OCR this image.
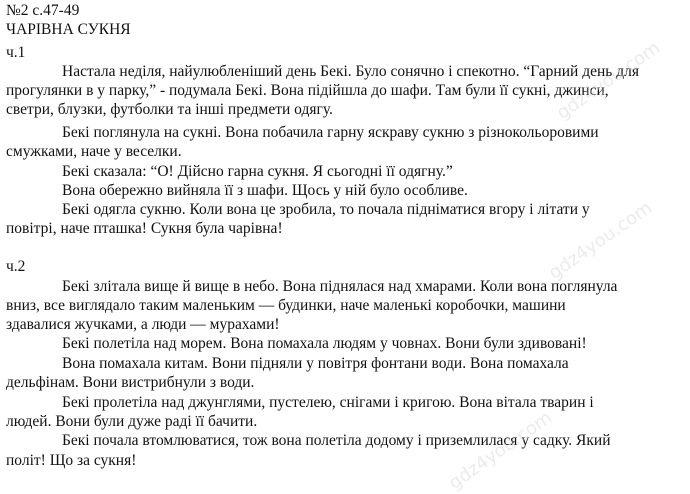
№2 с.47-49
ЧАРІВНА СУКНЯ
ч.1
Настала неділя, найулюбленіший день Бекі. Було сонячно і спекотно. “Гарний день для
прогулянки в у парку,” - подумала Бекі. Вона підійшла до шафи. Там були її сукні, джинси,
светри, блузки, футболки та інші предмети одягу.
Бекі поглянула на сукні. Вона побачила гарну яскраву сукню з різнокольоровими
смужками, наче у веселки.
Бекі сказала: “О! Дійсно гарна сукня. Я сьогодні її одягну.”
Вона обережно вийняла її з шафи. Щось у ній було особливе.
Бекі одягла сукню. Коли вона це зробила, то почала підніматися вгору і літати у
повітрі, наче пташка! Сукня була чарівна!
ч.2
Бекі злітала вище й вище в небо. Вона піднялася над хмарами. Коли вона поглянула
вниз, все виглядало таким маленьким — будинки, наче маленькі коробочки, машини
здавалися жучками, а люди — мурахами!
Бекі полетіла над морем. Вона помахала людям у човнах. Вони були здивовані!
Вона помахала китам. Вони підняли у повітря фонтани води. Вона помахала
дельфінам. Вони вистрибнули з води.
Бекі пролетіла над джунглями, пустелею, снігами і кригою. Вона вітала тварин і
людей. Вони були дуже раді її бачити.
Бекі почала втомлюватися, тож вона полетіла додому і приземлилася у садку. Який
політ! Що за сукня!
gdz4you.com
gdz4you.com
gdz4you.com
